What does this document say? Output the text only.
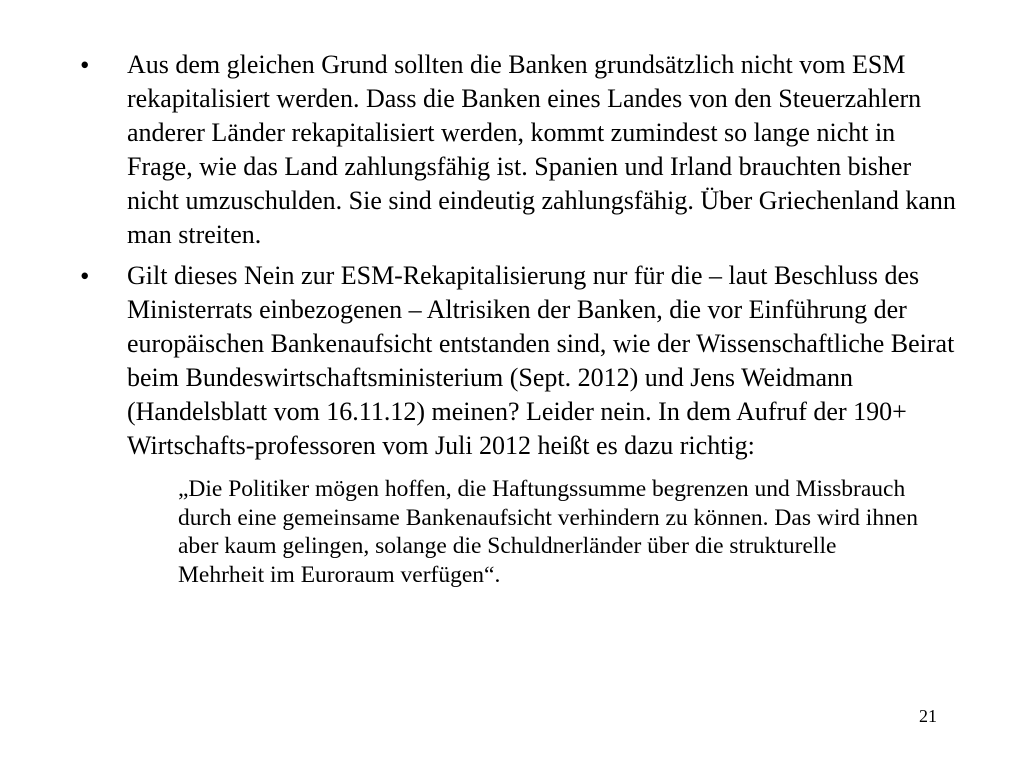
• Aus dem gleichen Grund sollten die Banken grundsätzlich nicht vom ESM rekapitalisiert werden. Dass die Banken eines Landes von den Steuerzahlern anderer Länder rekapitalisiert werden, kommt zumindest so lange nicht in Frage, wie das Land zahlungsfähig ist. Spanien und Irland brauchten bisher nicht umzuschulden. Sie sind eindeutig zahlungsfähig. Über Griechenland kann man streiten.
• Gilt dieses Nein zur ESM-Rekapitalisierung nur für die – laut Beschluss des Ministerrats einbezogenen – Altrisiken der Banken, die vor Einführung der europäischen Bankenaufsicht entstanden sind, wie der Wissenschaftliche Beirat beim Bundeswirtschaftsministerium (Sept. 2012) und Jens Weidmann (Handelsblatt vom 16.11.12) meinen? Leider nein. In dem Aufruf der 190+ Wirtschafts-professoren vom Juli 2012 heißt es dazu richtig:
„Die Politiker mögen hoffen, die Haftungssumme begrenzen und Missbrauch durch eine gemeinsame Bankenaufsicht verhindern zu können. Das wird ihnen aber kaum gelingen, solange die Schuldnerländer über die strukturelle Mehrheit im Euroraum verfügen“.
21
